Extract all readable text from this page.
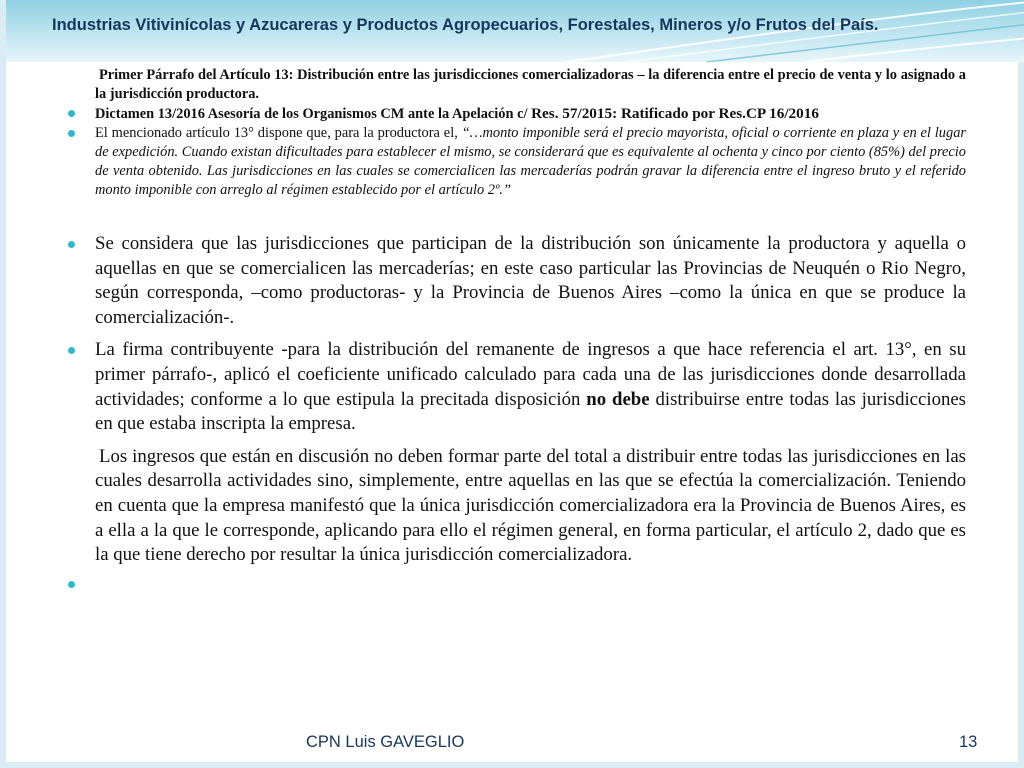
Industrias Vitivinícolas y Azucareras y Productos Agropecuarios, Forestales, Mineros y/o Frutos del País.
Primer Párrafo del Artículo 13: Distribución entre las jurisdicciones comercializadoras – la diferencia entre el precio de venta y lo asignado a la jurisdicción productora.
Dictamen 13/2016 Asesoría de los Organismos CM ante la Apelación c/ Res. 57/2015: Ratificado por Res.CP 16/2016
El mencionado artículo 13° dispone que, para la productora el, “…monto imponible será el precio mayorista, oficial o corriente en plaza y en el lugar de expedición. Cuando existan dificultades para establecer el mismo, se considerará que es equivalente al ochenta y cinco por ciento (85%) del precio de venta obtenido. Las jurisdicciones en las cuales se comercialicen las mercaderías podrán gravar la diferencia entre el ingreso bruto y el referido monto imponible con arreglo al régimen establecido por el artículo 2º.”
Se considera que las jurisdicciones que participan de la distribución son únicamente la productora y aquella o aquellas en que se comercialicen las mercaderías; en este caso particular las Provincias de Neuquén o Rio Negro, según corresponda, –como productoras- y la Provincia de Buenos Aires –como la única en que se produce la comercialización-.
La firma contribuyente -para la distribución del remanente de ingresos a que hace referencia el art. 13°, en su primer párrafo-, aplicó el coeficiente unificado calculado para cada una de las jurisdicciones donde desarrollada actividades; conforme a lo que estipula la precitada disposición no debe distribuirse entre todas las jurisdicciones en que estaba inscripta la empresa.
Los ingresos que están en discusión no deben formar parte del total a distribuir entre todas las jurisdicciones en las cuales desarrolla actividades sino, simplemente, entre aquellas en las que se efectúa la comercialización. Teniendo en cuenta que la empresa manifestó que la única jurisdicción comercializadora era la Provincia de Buenos Aires, es a ella a la que le corresponde, aplicando para ello el régimen general, en forma particular, el artículo 2, dado que es la que tiene derecho por resultar la única jurisdicción comercializadora.
CPN Luis GAVEGLIO	13
